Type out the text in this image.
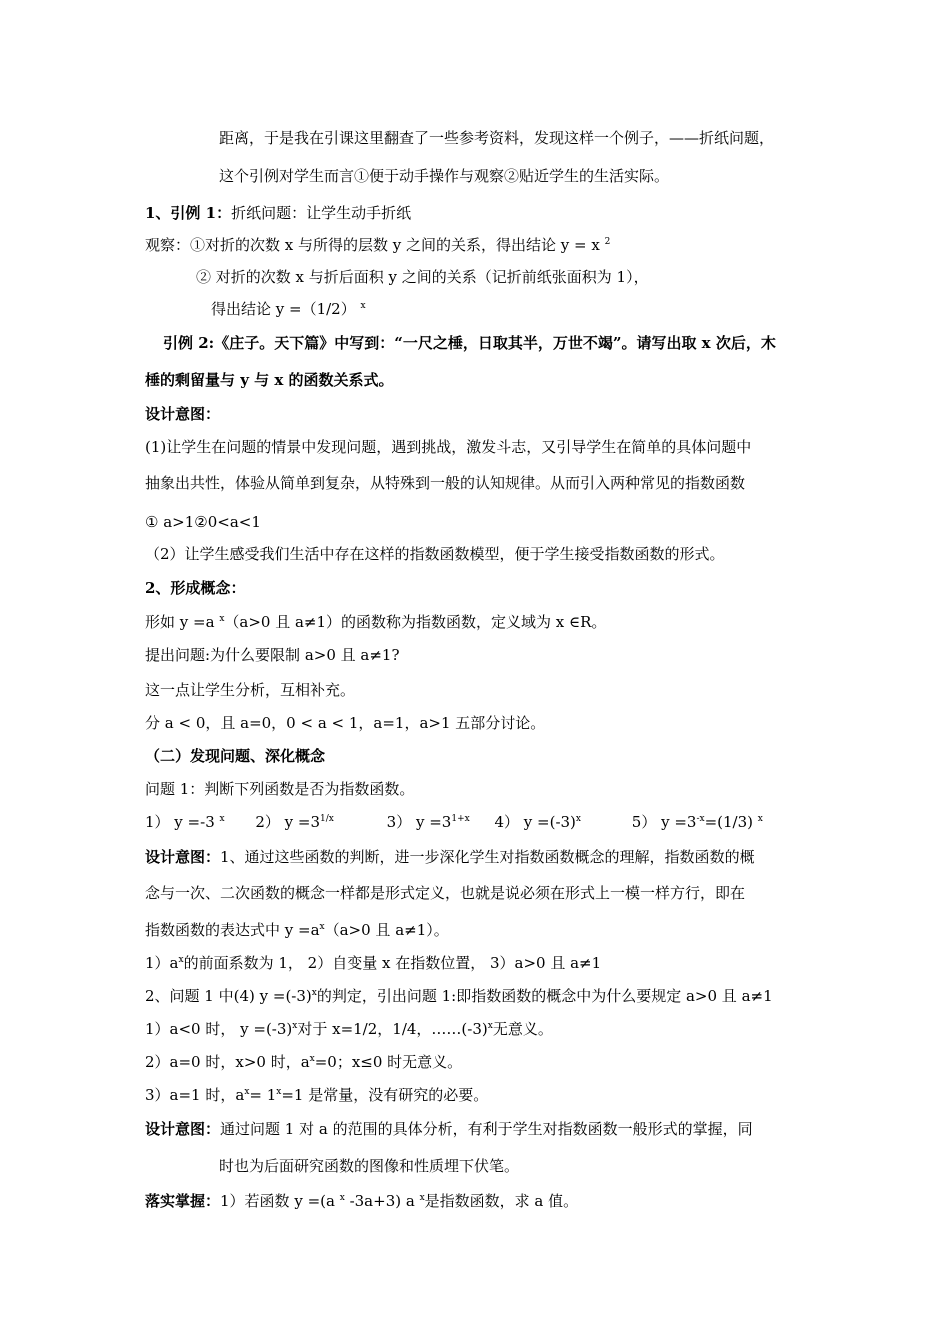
距离，于是我在引课这里翻查了一些参考资料，发现这样一个例子，——折纸问题，
这个引例对学生而言①便于动手操作与观察②贴近学生的生活实际。
1、引例 1：折纸问题：让学生动手折纸
观察：①对折的次数 x 与所得的层数 y 之间的关系，得出结论 y = x $^2$
② 对折的次数 x 与折后面积 y 之间的关系（记折前纸张面积为 1），
得出结论 y =（1/2） $^x$
引例 2:《庄子。天下篇》中写到：“一尺之棰，日取其半，万世不竭”。请写出取 x 次后，木
棰的剩留量与 y 与 x 的函数关系式。
设计意图：
(1)让学生在问题的情景中发现问题，遇到挑战，激发斗志，又引导学生在简单的具体问题中
抽象出共性，体验从简单到复杂，从特殊到一般的认知规律。从而引入两种常见的指数函数
① a>1②0<a<1
（2）让学生感受我们生活中存在这样的指数函数模型，便于学生接受指数函数的形式。
2、形成概念：
形如 y =a $^x$（a>0 且 a≠1）的函数称为指数函数，定义域为 x ∈R。
提出问题:为什么要限制 a>0 且 a≠1?
这一点让学生分析，互相补充。
分 a < 0，且 a=0，0 < a < 1，a=1，a>1 五部分讨论。
（二）发现问题、深化概念
问题 1：判断下列函数是否为指数函数。
1） y =-3 $^x$ 2） $y =3^{1/x}$	3） $y =3^{1+x}$ 4） $y =(-3)^x$	5） $y =3^{-x}=(1/3)$ $^x$
设计意图：1、通过这些函数的判断，进一步深化学生对指数函数概念的理解，指数函数的概
念与一次、二次函数的概念一样都是形式定义，也就是说必须在形式上一模一样方行，即在
指数函数的表达式中 $y =a^x(a>0$ 且 a≠1）。
$1)a^x$的前面系数为 1， 2）自变量 x 在指数位置， 3）a>0 且 a≠1
2、问题 1 中(4) $y =(-3)^x$的判定，引出问题 1:即指数函数的概念中为什么要规定 a>0 且 a≠1
1）a<0 时， $y =(-3)^x$对于 x=1/2，1/4，$\dots\dots(-3)^x$无意义。
2）a=0 时，x>0 时，$a^x=0$；x≤0 时无意义。
3）a=1 时，$a^x= 1^x=1$ 是常量，没有研究的必要。
设计意图：通过问题 1 对 a 的范围的具体分析，有利于学生对指数函数一般形式的掌握，同
时也为后面研究函数的图像和性质埋下伏笔。
落实掌握：1）若函数 y =(a $^x$ -3a+3) a $^x$是指数函数，求 a 值。
